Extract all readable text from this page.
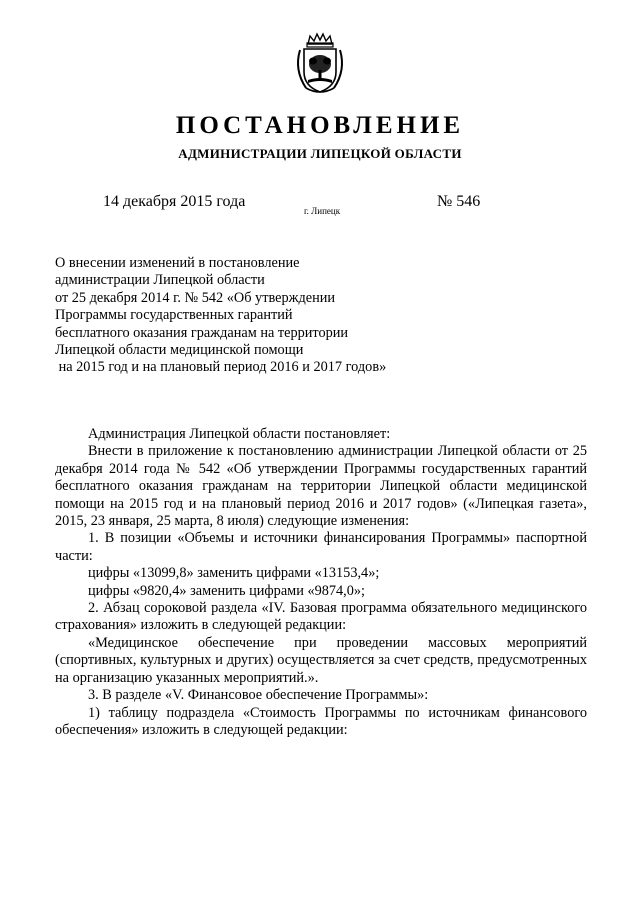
ПОСТАНОВЛЕНИЕ
АДМИНИСТРАЦИИ ЛИПЕЦКОЙ ОБЛАСТИ
14 декабря 2015 года
г. Липецк
№ 546
О внесении изменений в постановление
администрации Липецкой области
от 25 декабря 2014 г. № 542 «Об утверждении
Программы государственных гарантий
бесплатного оказания гражданам на территории
Липецкой области медицинской помощи
на 2015 год и на плановый период 2016 и 2017 годов»
Администрация Липецкой области постановляет:
Внести в приложение к постановлению администрации Липецкой области от 25 декабря 2014 года № 542 «Об утверждении Программы государственных гарантий бесплатного оказания гражданам на территории Липецкой области медицинской помощи на 2015 год и на плановый период 2016 и 2017 годов» («Липецкая газета», 2015, 23 января, 25 марта, 8 июля) следующие изменения:
1. В позиции «Объемы и источники финансирования Программы» паспортной части:
цифры «13099,8» заменить цифрами «13153,4»;
цифры «9820,4» заменить цифрами «9874,0»;
2. Абзац сороковой раздела «IV. Базовая программа обязательного медицинского страхования» изложить в следующей редакции:
«Медицинское обеспечение при проведении массовых мероприятий (спортивных, культурных и других) осуществляется за счет средств, предусмотренных на организацию указанных мероприятий.».
3. В разделе «V. Финансовое обеспечение Программы»:
1) таблицу подраздела «Стоимость Программы по источникам финансового обеспечения» изложить в следующей редакции:
